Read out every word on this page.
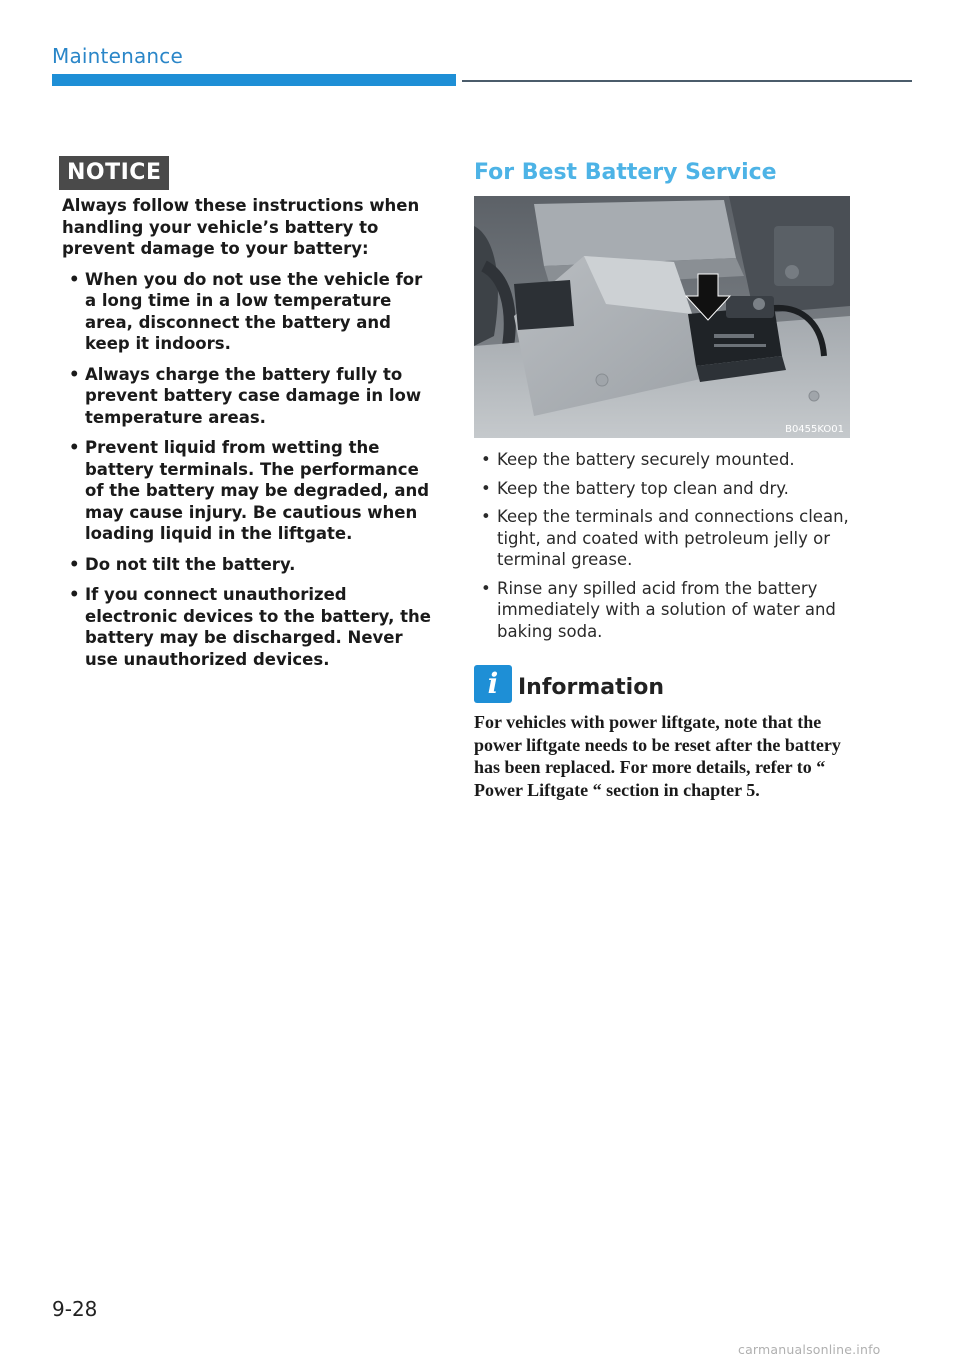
Maintenance
NOTICE

Always follow these instructions when handling your vehicle’s battery to prevent damage to your battery:

• When you do not use the vehicle for a long time in a low temperature area, disconnect the battery and keep it indoors.
• Always charge the battery fully to prevent battery case damage in low temperature areas.
• Prevent liquid from wetting the battery terminals. The performance of the battery may be degraded, and may cause injury. Be cautious when loading liquid in the liftgate.
• Do not tilt the battery.
• If you connect unauthorized electronic devices to the battery, the battery may be discharged. Never use unauthorized devices.
For Best Battery Service
B0455KO01
• Keep the battery securely mounted.
• Keep the battery top clean and dry.
• Keep the terminals and connections clean, tight, and coated with petroleum jelly or terminal grease.
• Rinse any spilled acid from the battery immediately with a solution of water and baking soda.
i Information
For vehicles with power liftgate, note that the power liftgate needs to be reset after the battery has been replaced. For more details, refer to “ Power Liftgate “ section in chapter 5.
9-28
carmanualsonline.info
